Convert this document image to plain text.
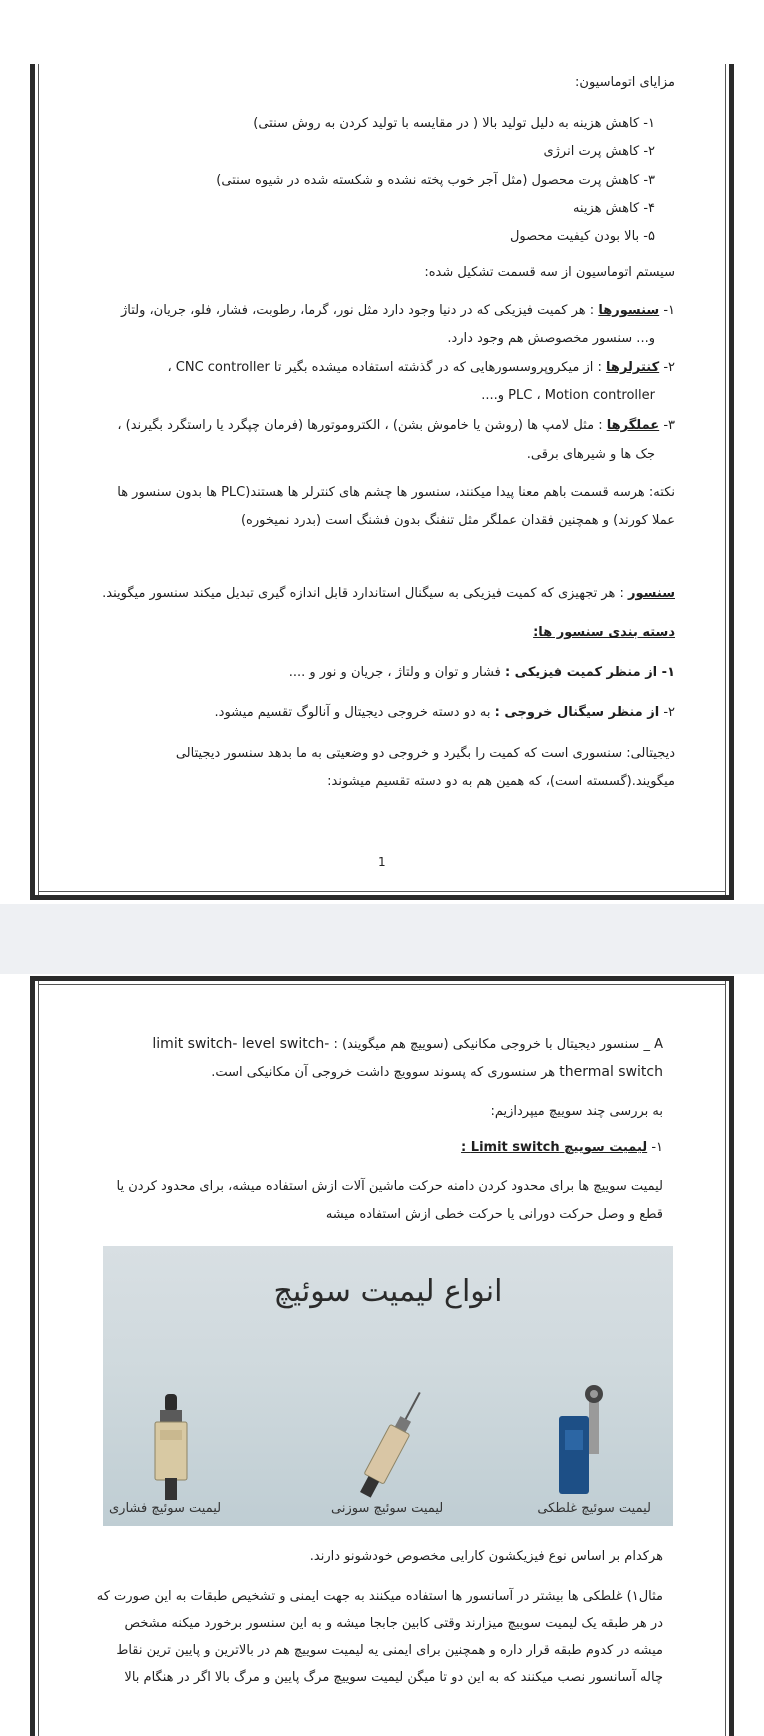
مزایای اتوماسیون:
۱- کاهش هزینه به دلیل تولید بالا ( در مقایسه با تولید کردن به روش سنتی)
۲- کاهش پرت انرژی
۳- کاهش پرت محصول (مثل آجر خوب پخته نشده و شکسته شده در شیوه سنتی)
۴- کاهش هزینه
۵- بالا بودن کیفیت محصول
سیستم اتوماسیون از سه قسمت تشکیل شده:
۱- سنسورها : هر کمیت فیزیکی که در دنیا وجود دارد مثل نور، گرما، رطوبت، فشار، فلو، جریان، ولتاژ
و... سنسور مخصوصش هم وجود دارد.
۲- کنترلرها : از میکروپروسسورهایی که در گذشته استفاده میشده بگیر تا CNC controller ،
PLC ، Motion controller و....
۳- عملگرها : مثل لامپ ها (روشن یا خاموش بشن) ، الکتروموتورها (فرمان چپگرد یا راستگرد بگیرند) ،
جک ها و شیرهای برقی.
نکته: هرسه قسمت باهم معنا پیدا میکنند، سنسور ها چشم های کنترلر ها هستند(PLC ها بدون سنسور ها
عملا کورند) و همچنین فقدان عملگر مثل تنفنگ بدون فشنگ است (بدرد نمیخوره)
سنسور : هر تجهیزی که کمیت فیزیکی به سیگنال استاندارد قابل اندازه گیری تبدیل میکند سنسور میگویند.
دسته بندی سنسور ها:
۱- از منظر کمیت فیزیکی : فشار و توان و ولتاژ ، جریان و نور و ....
۲- از منظر سیگنال خروجی : به دو دسته خروجی دیجیتال و آنالوگ تقسیم میشود.
دیجیتالی: سنسوری است که کمیت را بگیرد و خروجی دو وضعیتی به ما بدهد سنسور دیجیتالی
میگویند.(گسسته است)، که همین هم به دو دسته تقسیم میشوند:
1
A _ سنسور دیجیتال با خروجی مکانیکی (سوییچ هم میگویند) : limit switch- level switch-
thermal switch هر سنسوری که پسوند سوویچ داشت خروجی آن مکانیکی است.
به بررسی چند سوییچ میپردازیم:
۱- لیمیت سوییچ Limit switch :
لیمیت سوییچ ها برای محدود کردن دامنه حرکت ماشین آلات ازش استفاده میشه، برای محدود کردن یا
قطع و وصل حرکت دورانی یا حرکت خطی ازش استفاده میشه
انواع لیمیت سوئیچ
لیمیت سوئیچ غلطکی
لیمیت سوئیچ سوزنی
لیمیت سوئیچ فشاری
هرکدام بر اساس نوع فیزیکشون کارایی مخصوص خودشونو دارند.
مثال۱) غلطکی ها بیشتر در آسانسور ها استفاده میکنند به جهت ایمنی و تشخیص طبقات به این صورت که
در هر طبقه یک لیمیت سوییچ میزارند وقتی کابین جابجا میشه و به این سنسور برخورد میکنه مشخص
میشه در کدوم طبقه قرار داره و همچنین برای ایمنی یه لیمیت سوییچ هم در بالاترین و پایین ترین نقاط
چاله آسانسور نصب میکنند که به این دو تا میگن لیمیت سوییچ مرگ پایین و مرگ بالا اگر در هنگام بالا
